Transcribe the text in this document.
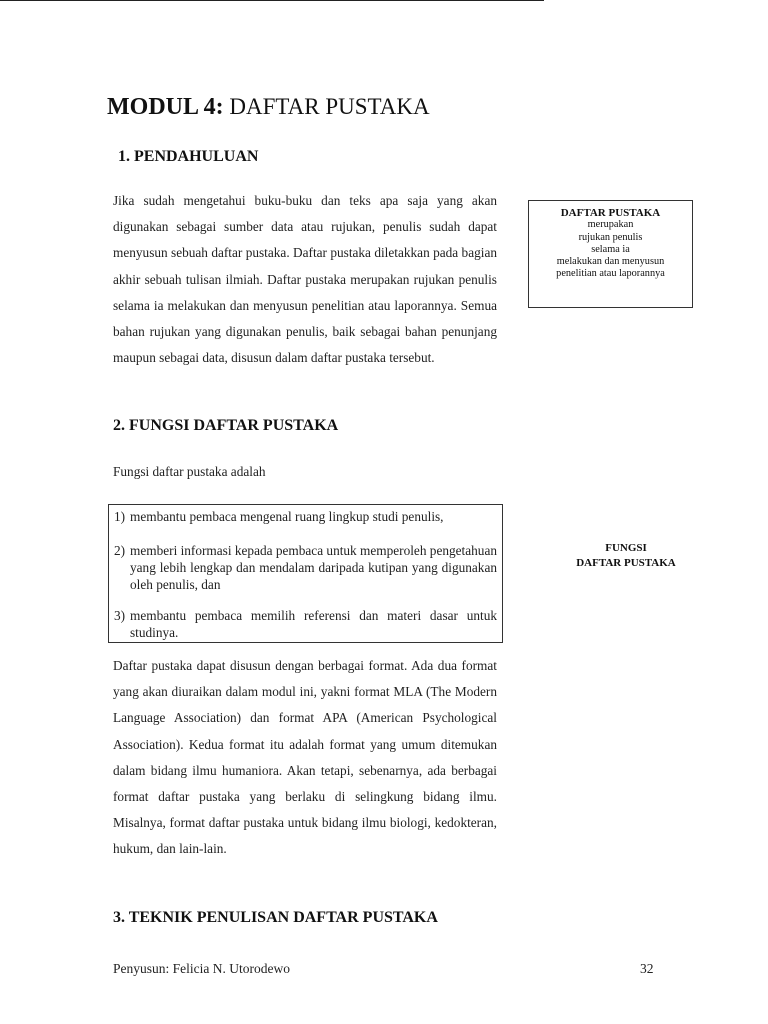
MODUL 4: DAFTAR PUSTAKA
1. PENDAHULUAN
Jika sudah mengetahui buku-buku dan teks apa saja yang akan digunakan sebagai sumber data atau rujukan, penulis sudah dapat menyusun sebuah daftar pustaka. Daftar pustaka diletakkan pada bagian akhir sebuah tulisan ilmiah. Daftar pustaka merupakan rujukan penulis selama ia melakukan dan menyusun penelitian atau laporannya. Semua bahan rujukan yang digunakan penulis, baik sebagai bahan penunjang maupun sebagai data, disusun dalam daftar pustaka tersebut.
DAFTAR PUSTAKA
merupakan
rujukan penulis
selama ia
melakukan dan menyusun
penelitian atau laporannya
2. FUNGSI DAFTAR PUSTAKA
Fungsi daftar pustaka adalah
1) membantu pembaca mengenal ruang lingkup studi penulis,
2) memberi informasi kepada pembaca untuk memperoleh pengetahuan yang lebih lengkap dan mendalam daripada kutipan yang digunakan oleh penulis, dan
3) membantu pembaca memilih referensi dan materi dasar untuk studinya.
FUNGSI
DAFTAR PUSTAKA
Daftar pustaka dapat disusun dengan berbagai format. Ada dua format yang akan diuraikan dalam modul ini, yakni format MLA (The Modern Language Association) dan format APA (American Psychological Association). Kedua format itu adalah format yang umum ditemukan dalam bidang ilmu humaniora. Akan tetapi, sebenarnya, ada berbagai format daftar pustaka yang berlaku di selingkung bidang ilmu. Misalnya, format daftar pustaka untuk bidang ilmu biologi, kedokteran, hukum, dan lain-lain.
3. TEKNIK PENULISAN DAFTAR PUSTAKA
Penyusun: Felicia N. Utorodewo	32
